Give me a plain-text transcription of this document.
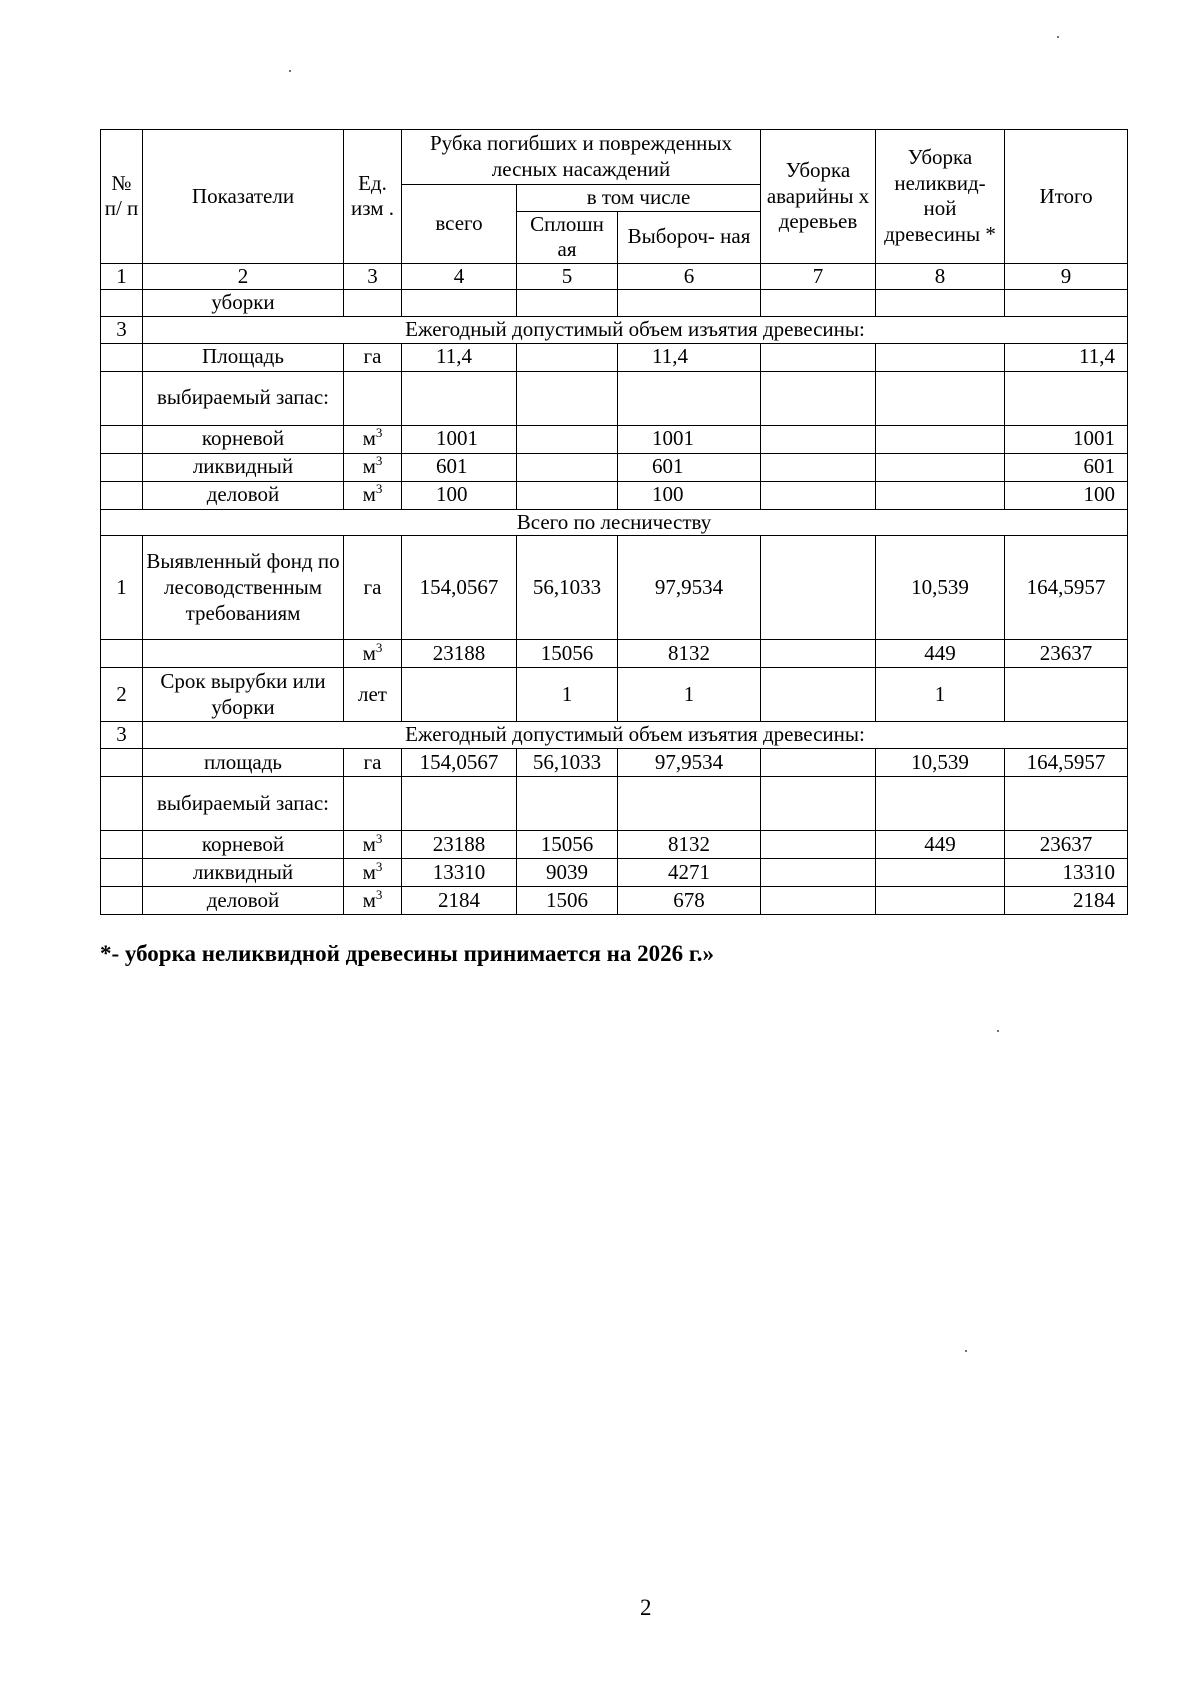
№ п/ п	Показатели	Ед. изм .	Рубка погибших и поврежденных лесных насаждений			Уборка аварийны х деревьев	Уборка неликвид- ной древесины *	Итого
			всего	в том числе				
				Сплошн ая	Выбороч- ная			

1	2	3	4	5	6	7	8	9
	уборки							
3	Ежегодный допустимый объем изъятия древесины:							
	Площадь	га	11,4		11,4			11,4
	выбираемый запас:							
	корневой	$м^3$	1001		1001			1001
	ликвидный	$м^3$	601		601			601
	деловой	$м^3$	100		100			100
Всего по лесничеству								
1	Выявленный фонд по лесоводственным требованиям	га	154,0567	56,1033	97,9534		10,539	164,5957
		$м^3$	23188	15056	8132		449	23637
2	Срок вырубки или уборки	лет		1	1		1	
3	Ежегодный допустимый объем изъятия древесины:							
	площадь	га	154,0567	56,1033	97,9534		10,539	164,5957
	выбираемый запас:							
	корневой	$м^3$	23188	15056	8132		449	23637
	ликвидный	$м^3$	13310	9039	4271			13310
	деловой	$м^3$	2184	1506	678			2184
*- уборка неликвидной древесины принимается на 2026 г.»
2
